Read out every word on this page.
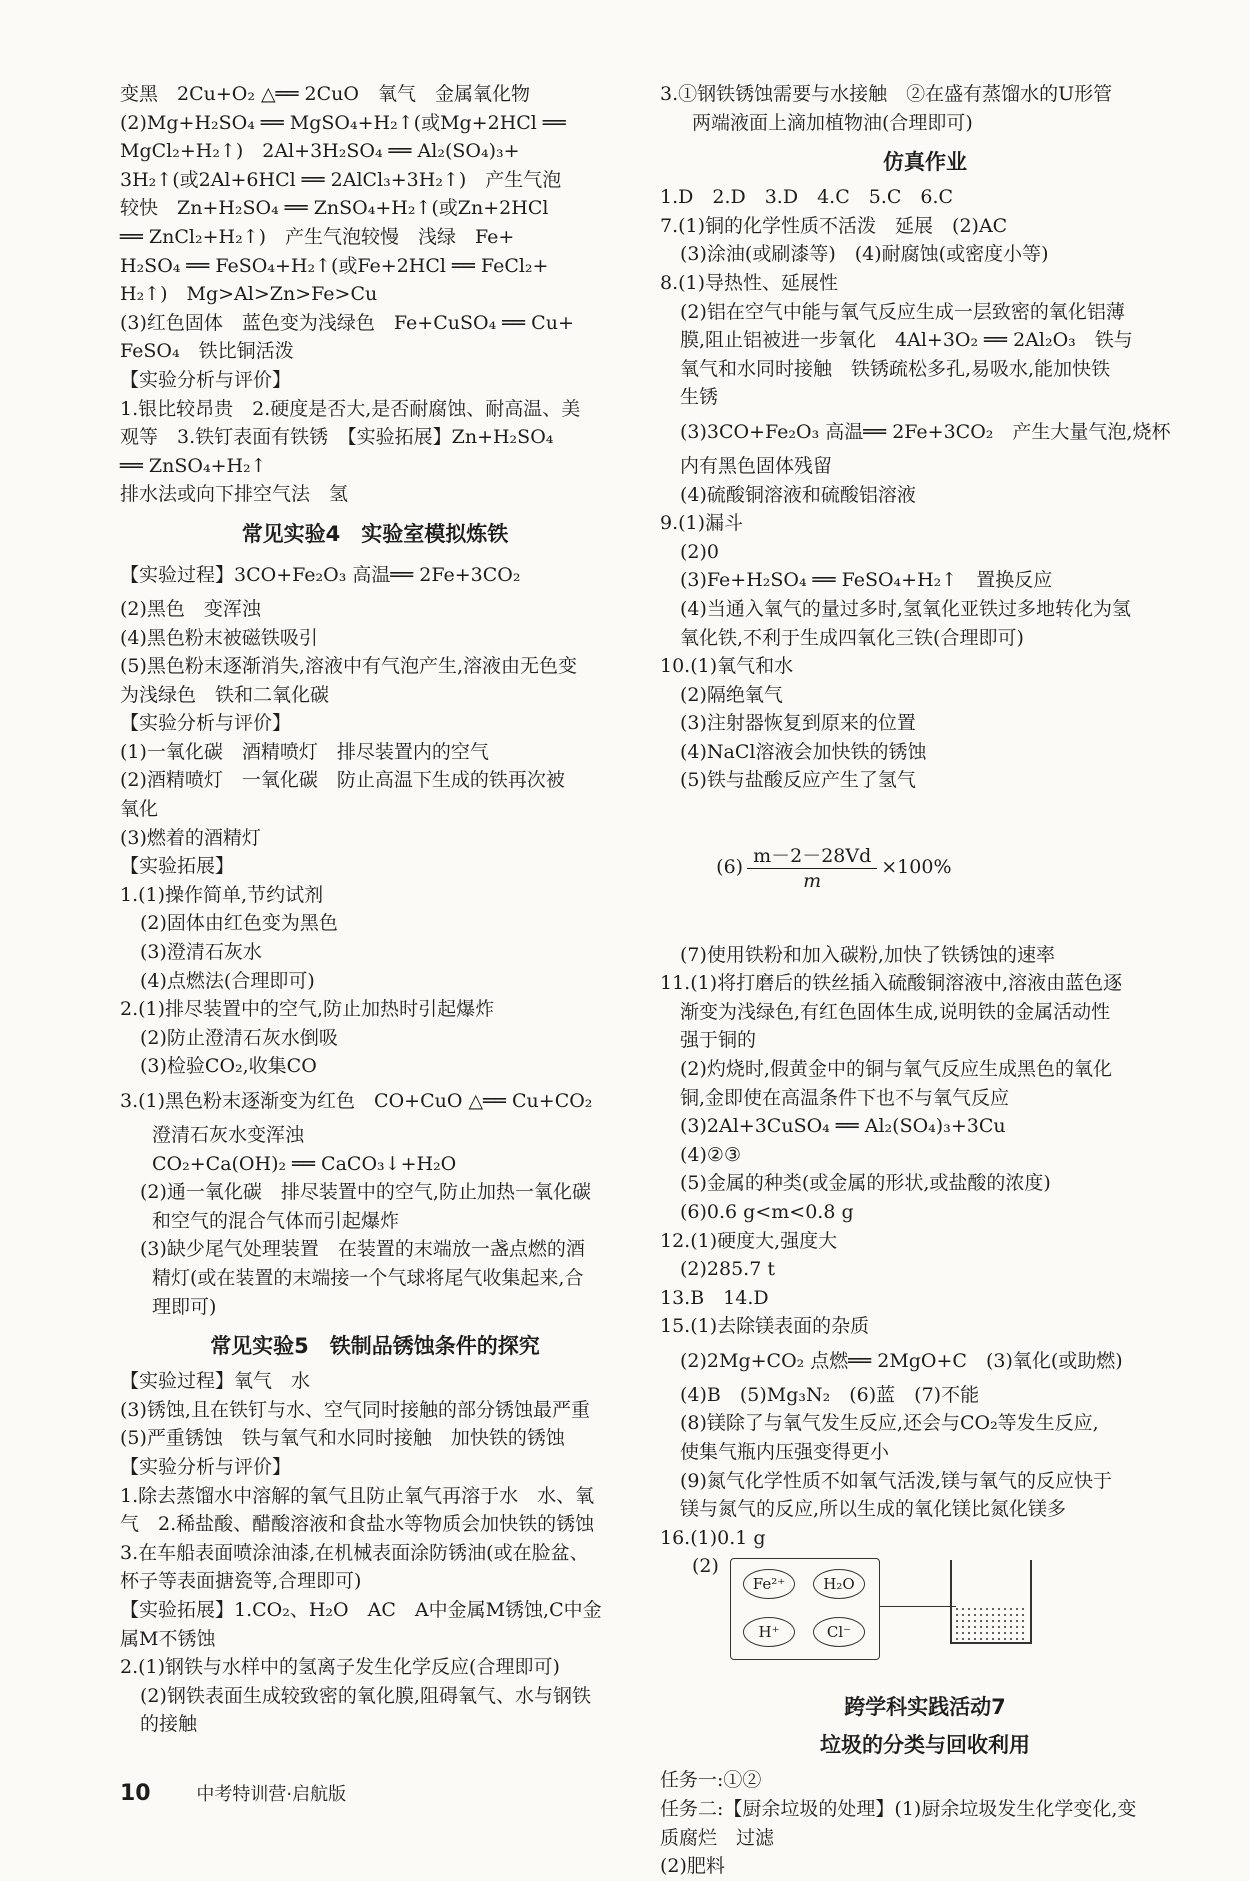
变黑　2Cu+O₂ △══ 2CuO　氧气　金属氧化物
(2)Mg+H₂SO₄ ══ MgSO₄+H₂↑(或Mg+2HCl ══
MgCl₂+H₂↑)　2Al+3H₂SO₄ ══ Al₂(SO₄)₃+
3H₂↑(或2Al+6HCl ══ 2AlCl₃+3H₂↑)　产生气泡
较快　Zn+H₂SO₄ ══ ZnSO₄+H₂↑(或Zn+2HCl
══ ZnCl₂+H₂↑)　产生气泡较慢　浅绿　Fe+
H₂SO₄ ══ FeSO₄+H₂↑(或Fe+2HCl ══ FeCl₂+
H₂↑)　Mg>Al>Zn>Fe>Cu
(3)红色固体　蓝色变为浅绿色　Fe+CuSO₄ ══ Cu+
FeSO₄　铁比铜活泼
【实验分析与评价】
1.银比较昂贵　2.硬度是否大,是否耐腐蚀、耐高温、美
观等　3.铁钉表面有铁锈　【实验拓展】Zn+H₂SO₄
══ ZnSO₄+H₂↑
排水法或向下排空气法　氢
常见实验4　实验室模拟炼铁
【实验过程】3CO+Fe₂O₃ 高温══ 2Fe+3CO₂
(2)黑色　变浑浊
(4)黑色粉末被磁铁吸引
(5)黑色粉末逐渐消失,溶液中有气泡产生,溶液由无色变
为浅绿色　铁和二氧化碳
【实验分析与评价】
(1)一氧化碳　酒精喷灯　排尽装置内的空气
(2)酒精喷灯　一氧化碳　防止高温下生成的铁再次被
氧化
(3)燃着的酒精灯
【实验拓展】
1.(1)操作简单,节约试剂
(2)固体由红色变为黑色
(3)澄清石灰水
(4)点燃法(合理即可)
2.(1)排尽装置中的空气,防止加热时引起爆炸
(2)防止澄清石灰水倒吸
(3)检验CO₂,收集CO
3.(1)黑色粉末逐渐变为红色　CO+CuO △══ Cu+CO₂
澄清石灰水变浑浊
CO₂+Ca(OH)₂ ══ CaCO₃↓+H₂O
(2)通一氧化碳　排尽装置中的空气,防止加热一氧化碳
和空气的混合气体而引起爆炸
(3)缺少尾气处理装置　在装置的末端放一盏点燃的酒
精灯(或在装置的末端接一个气球将尾气收集起来,合
理即可)
常见实验5　铁制品锈蚀条件的探究
【实验过程】氧气　水
(3)锈蚀,且在铁钉与水、空气同时接触的部分锈蚀最严重
(5)严重锈蚀　铁与氧气和水同时接触　加快铁的锈蚀
【实验分析与评价】
1.除去蒸馏水中溶解的氧气且防止氧气再溶于水　水、氧
气　2.稀盐酸、醋酸溶液和食盐水等物质会加快铁的锈蚀
3.在车船表面喷涂油漆,在机械表面涂防锈油(或在脸盆、
杯子等表面搪瓷等,合理即可)
【实验拓展】1.CO₂、H₂O　AC　A中金属M锈蚀,C中金
属M不锈蚀
2.(1)钢铁与水样中的氢离子发生化学反应(合理即可)
(2)钢铁表面生成较致密的氧化膜,阻碍氧气、水与钢铁
的接触
3.①钢铁锈蚀需要与水接触　②在盛有蒸馏水的U形管
两端液面上滴加植物油(合理即可)
仿真作业
1.D　2.D　3.D　4.C　5.C　6.C
7.(1)铜的化学性质不活泼　延展　(2)AC
(3)涂油(或刷漆等)　(4)耐腐蚀(或密度小等)
8.(1)导热性、延展性
(2)铝在空气中能与氧气反应生成一层致密的氧化铝薄
膜,阻止铝被进一步氧化　4Al+3O₂ ══ 2Al₂O₃　铁与
氧气和水同时接触　铁锈疏松多孔,易吸水,能加快铁
生锈
(3)3CO+Fe₂O₃ 高温══ 2Fe+3CO₂　产生大量气泡,烧杯
内有黑色固体残留
(4)硫酸铜溶液和硫酸铝溶液
9.(1)漏斗
(2)0
(3)Fe+H₂SO₄ ══ FeSO₄+H₂↑　置换反应
(4)当通入氧气的量过多时,氢氧化亚铁过多地转化为氢
氧化铁,不利于生成四氧化三铁(合理即可)
10.(1)氧气和水
(2)隔绝氧气
(3)注射器恢复到原来的位置
(4)NaCl溶液会加快铁的锈蚀
(5)铁与盐酸反应产生了氢气

$(6) \frac{m-2-28Vd}{m} \times 100\%$

(7)使用铁粉和加入碳粉,加快了铁锈蚀的速率
11.(1)将打磨后的铁丝插入硫酸铜溶液中,溶液由蓝色逐
渐变为浅绿色,有红色固体生成,说明铁的金属活动性
强于铜的
(2)灼烧时,假黄金中的铜与氧气反应生成黑色的氧化
铜,金即使在高温条件下也不与氧气反应
(3)2Al+3CuSO₄ ══ Al₂(SO₄)₃+3Cu
(4)②③
(5)金属的种类(或金属的形状,或盐酸的浓度)
(6)0.6 g<m<0.8 g
12.(1)硬度大,强度大
(2)285.7 t
13.B　14.D
15.(1)去除镁表面的杂质
(2)2Mg+CO₂ 点燃══ 2MgO+C　(3)氧化(或助燃)
(4)B　(5)Mg₃N₂　(6)蓝　(7)不能
(8)镁除了与氧气发生反应,还会与CO₂等发生反应,
使集气瓶内压强变得更小
(9)氮气化学性质不如氧气活泼,镁与氧气的反应快于
镁与氮气的反应,所以生成的氧化镁比氮化镁多
16.(1)0.1 g
(2)
Fe²⁺	H₂O
H⁺	Cl⁻
跨学科实践活动7
垃圾的分类与回收利用
任务一:①②
任务二:【厨余垃圾的处理】(1)厨余垃圾发生化学变化,变
质腐烂　过滤
(2)肥料
10	中考特训营·启航版
